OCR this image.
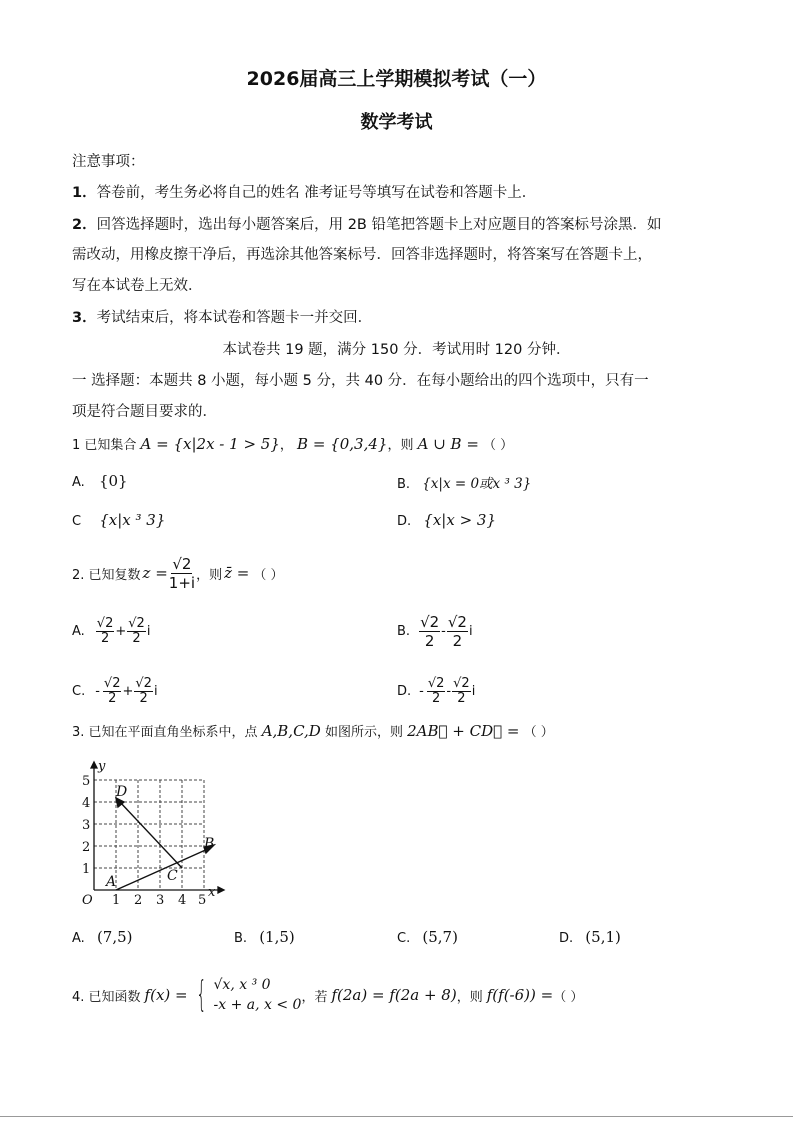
2026届高三上学期模拟考试（一）
数学考试
注意事项：
1．答卷前，考生务必将自己的姓名 准考证号等填写在试卷和答题卡上．
2．回答选择题时，选出每小题答案后，用 2B 铅笔把答题卡上对应题目的答案标号涂黑．如
需改动，用橡皮擦干净后，再选涂其他答案标号．回答非选择题时，将答案写在答题卡上，
写在本试卷上无效．
3．考试结束后，将本试卷和答题卡一并交回．
本试卷共 19 题，满分 150 分．考试用时 120 分钟．
一 选择题：本题共 8 小题，每小题 5 分，共 40 分．在每小题给出的四个选项中，只有一
项是符合题目要求的．
1 已知集合 A = {x|2x - 1 > 5}， B = {0,3,4}，则 A ∪ B = （ ）
A. {0}	B. {x|x = 0或x ³ 3}
C {x|x ³ 3}	D. {x|x > 3}
2. 已知复数 $z = \frac{√2}{1+i}$ ，则 z̄ = （ ）
A. $\frac{√2}{2} + \frac{√2}{2}$ i	B. $\frac{√2}{2} - \frac{√2}{2}$ i
C. - $\frac{√2}{2} + \frac{√2}{2}$ i	D. - $\frac{√2}{2} - \frac{√2}{2}$ i
3. 已知在平面直角坐标系中，点 A,B,C,D 如图所示，则 2AB⃗ + CD⃗ = （ ）
y
x
O 1 2 3 4 5
1
2
3
4
5
A
B
C
D
A. (7,5)	B. (1,5)	C. (5,7)	D. (5,1)
4. 已知函数 f(x) = { √x, x ³ 0
-x + a, x < 0 ，若 f(2a) = f(2a + 8) ，则 f(f(-6)) = （ ）
